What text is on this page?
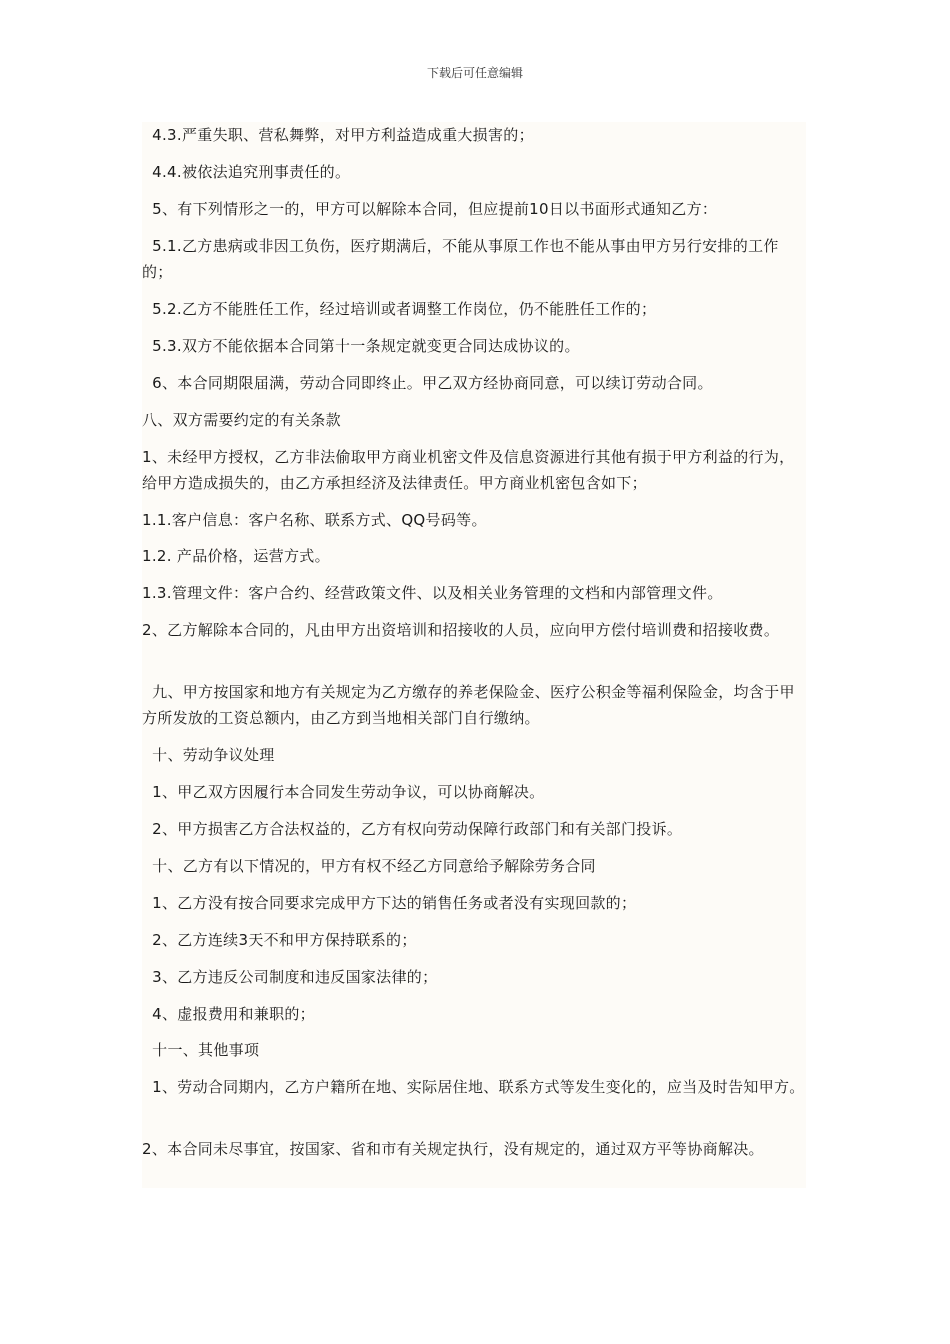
下载后可任意编辑
4.3.严重失职、营私舞弊，对甲方利益造成重大损害的；
4.4.被依法追究刑事责任的。
5、有下列情形之一的，甲方可以解除本合同，但应提前10日以书面形式通知乙方：
5.1.乙方患病或非因工负伤，医疗期满后，不能从事原工作也不能从事由甲方另行安排的工作的；
5.2.乙方不能胜任工作，经过培训或者调整工作岗位，仍不能胜任工作的；
5.3.双方不能依据本合同第十一条规定就变更合同达成协议的。
6、本合同期限届满，劳动合同即终止。甲乙双方经协商同意，可以续订劳动合同。
八、双方需要约定的有关条款
1、未经甲方授权，乙方非法偷取甲方商业机密文件及信息资源进行其他有损于甲方利益的行为，给甲方造成损失的，由乙方承担经济及法律责任。甲方商业机密包含如下；
1.1.客户信息：客户名称、联系方式、QQ号码等。
1.2. 产品价格，运营方式。
1.3.管理文件：客户合约、经营政策文件、以及相关业务管理的文档和内部管理文件。
2、乙方解除本合同的，凡由甲方出资培训和招接收的人员，应向甲方偿付培训费和招接收费。
九、甲方按国家和地方有关规定为乙方缴存的养老保险金、医疗公积金等福利保险金，均含于甲方所发放的工资总额内，由乙方到当地相关部门自行缴纳。
十、劳动争议处理
1、甲乙双方因履行本合同发生劳动争议，可以协商解决。
2、甲方损害乙方合法权益的，乙方有权向劳动保障行政部门和有关部门投诉。
十、乙方有以下情况的，甲方有权不经乙方同意给予解除劳务合同
1、乙方没有按合同要求完成甲方下达的销售任务或者没有实现回款的；
2、乙方连续3天不和甲方保持联系的；
3、乙方违反公司制度和违反国家法律的；
4、虚报费用和兼职的；
十一、其他事项
1、劳动合同期内，乙方户籍所在地、实际居住地、联系方式等发生变化的，应当及时告知甲方。
2、本合同未尽事宜，按国家、省和市有关规定执行，没有规定的，通过双方平等协商解决。
